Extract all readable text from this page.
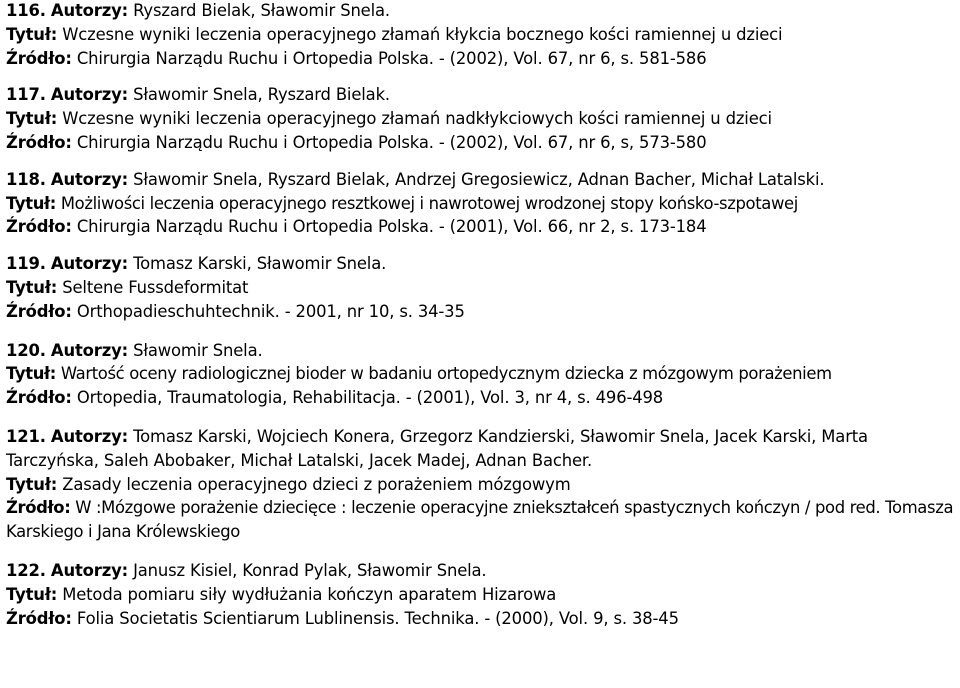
116. Autorzy: Ryszard Bielak, Sławomir Snela.
Tytuł: Wczesne wyniki leczenia operacyjnego złamań kłykcia bocznego kości ramiennej u dzieci
Źródło: Chirurgia Narządu Ruchu i Ortopedia Polska. - (2002), Vol. 67, nr 6, s. 581-586
117. Autorzy: Sławomir Snela, Ryszard Bielak.
Tytuł: Wczesne wyniki leczenia operacyjnego złamań nadkłykciowych kości ramiennej u dzieci
Źródło: Chirurgia Narządu Ruchu i Ortopedia Polska. - (2002), Vol. 67, nr 6, s, 573-580
118. Autorzy: Sławomir Snela, Ryszard Bielak, Andrzej Gregosiewicz, Adnan Bacher, Michał Latalski.
Tytuł: Możliwości leczenia operacyjnego resztkowej i nawrotowej wrodzonej stopy końsko-szpotawej
Źródło: Chirurgia Narządu Ruchu i Ortopedia Polska. - (2001), Vol. 66, nr 2, s. 173-184
119. Autorzy: Tomasz Karski, Sławomir Snela.
Tytuł: Seltene Fussdeformitat
Źródło: Orthopadieschuhtechnik. - 2001, nr 10, s. 34-35
120. Autorzy: Sławomir Snela.
Tytuł: Wartość oceny radiologicznej bioder w badaniu ortopedycznym dziecka z mózgowym porażeniem
Źródło: Ortopedia, Traumatologia, Rehabilitacja. - (2001), Vol. 3, nr 4, s. 496-498
121. Autorzy: Tomasz Karski, Wojciech Konera, Grzegorz Kandzierski, Sławomir Snela, Jacek Karski, Marta Tarczyńska, Saleh Abobaker, Michał Latalski, Jacek Madej, Adnan Bacher.
Tytuł: Zasady leczenia operacyjnego dzieci z porażeniem mózgowym
Źródło: W :Mózgowe porażenie dziecięce : leczenie operacyjne zniekształceń spastycznych kończyn / pod red. Tomasza Karskiego i Jana Królewskiego
122. Autorzy: Janusz Kisiel, Konrad Pylak, Sławomir Snela.
Tytuł: Metoda pomiaru siły wydłużania kończyn aparatem Hizarowa
Źródło: Folia Societatis Scientiarum Lublinensis. Technika. - (2000), Vol. 9, s. 38-45
